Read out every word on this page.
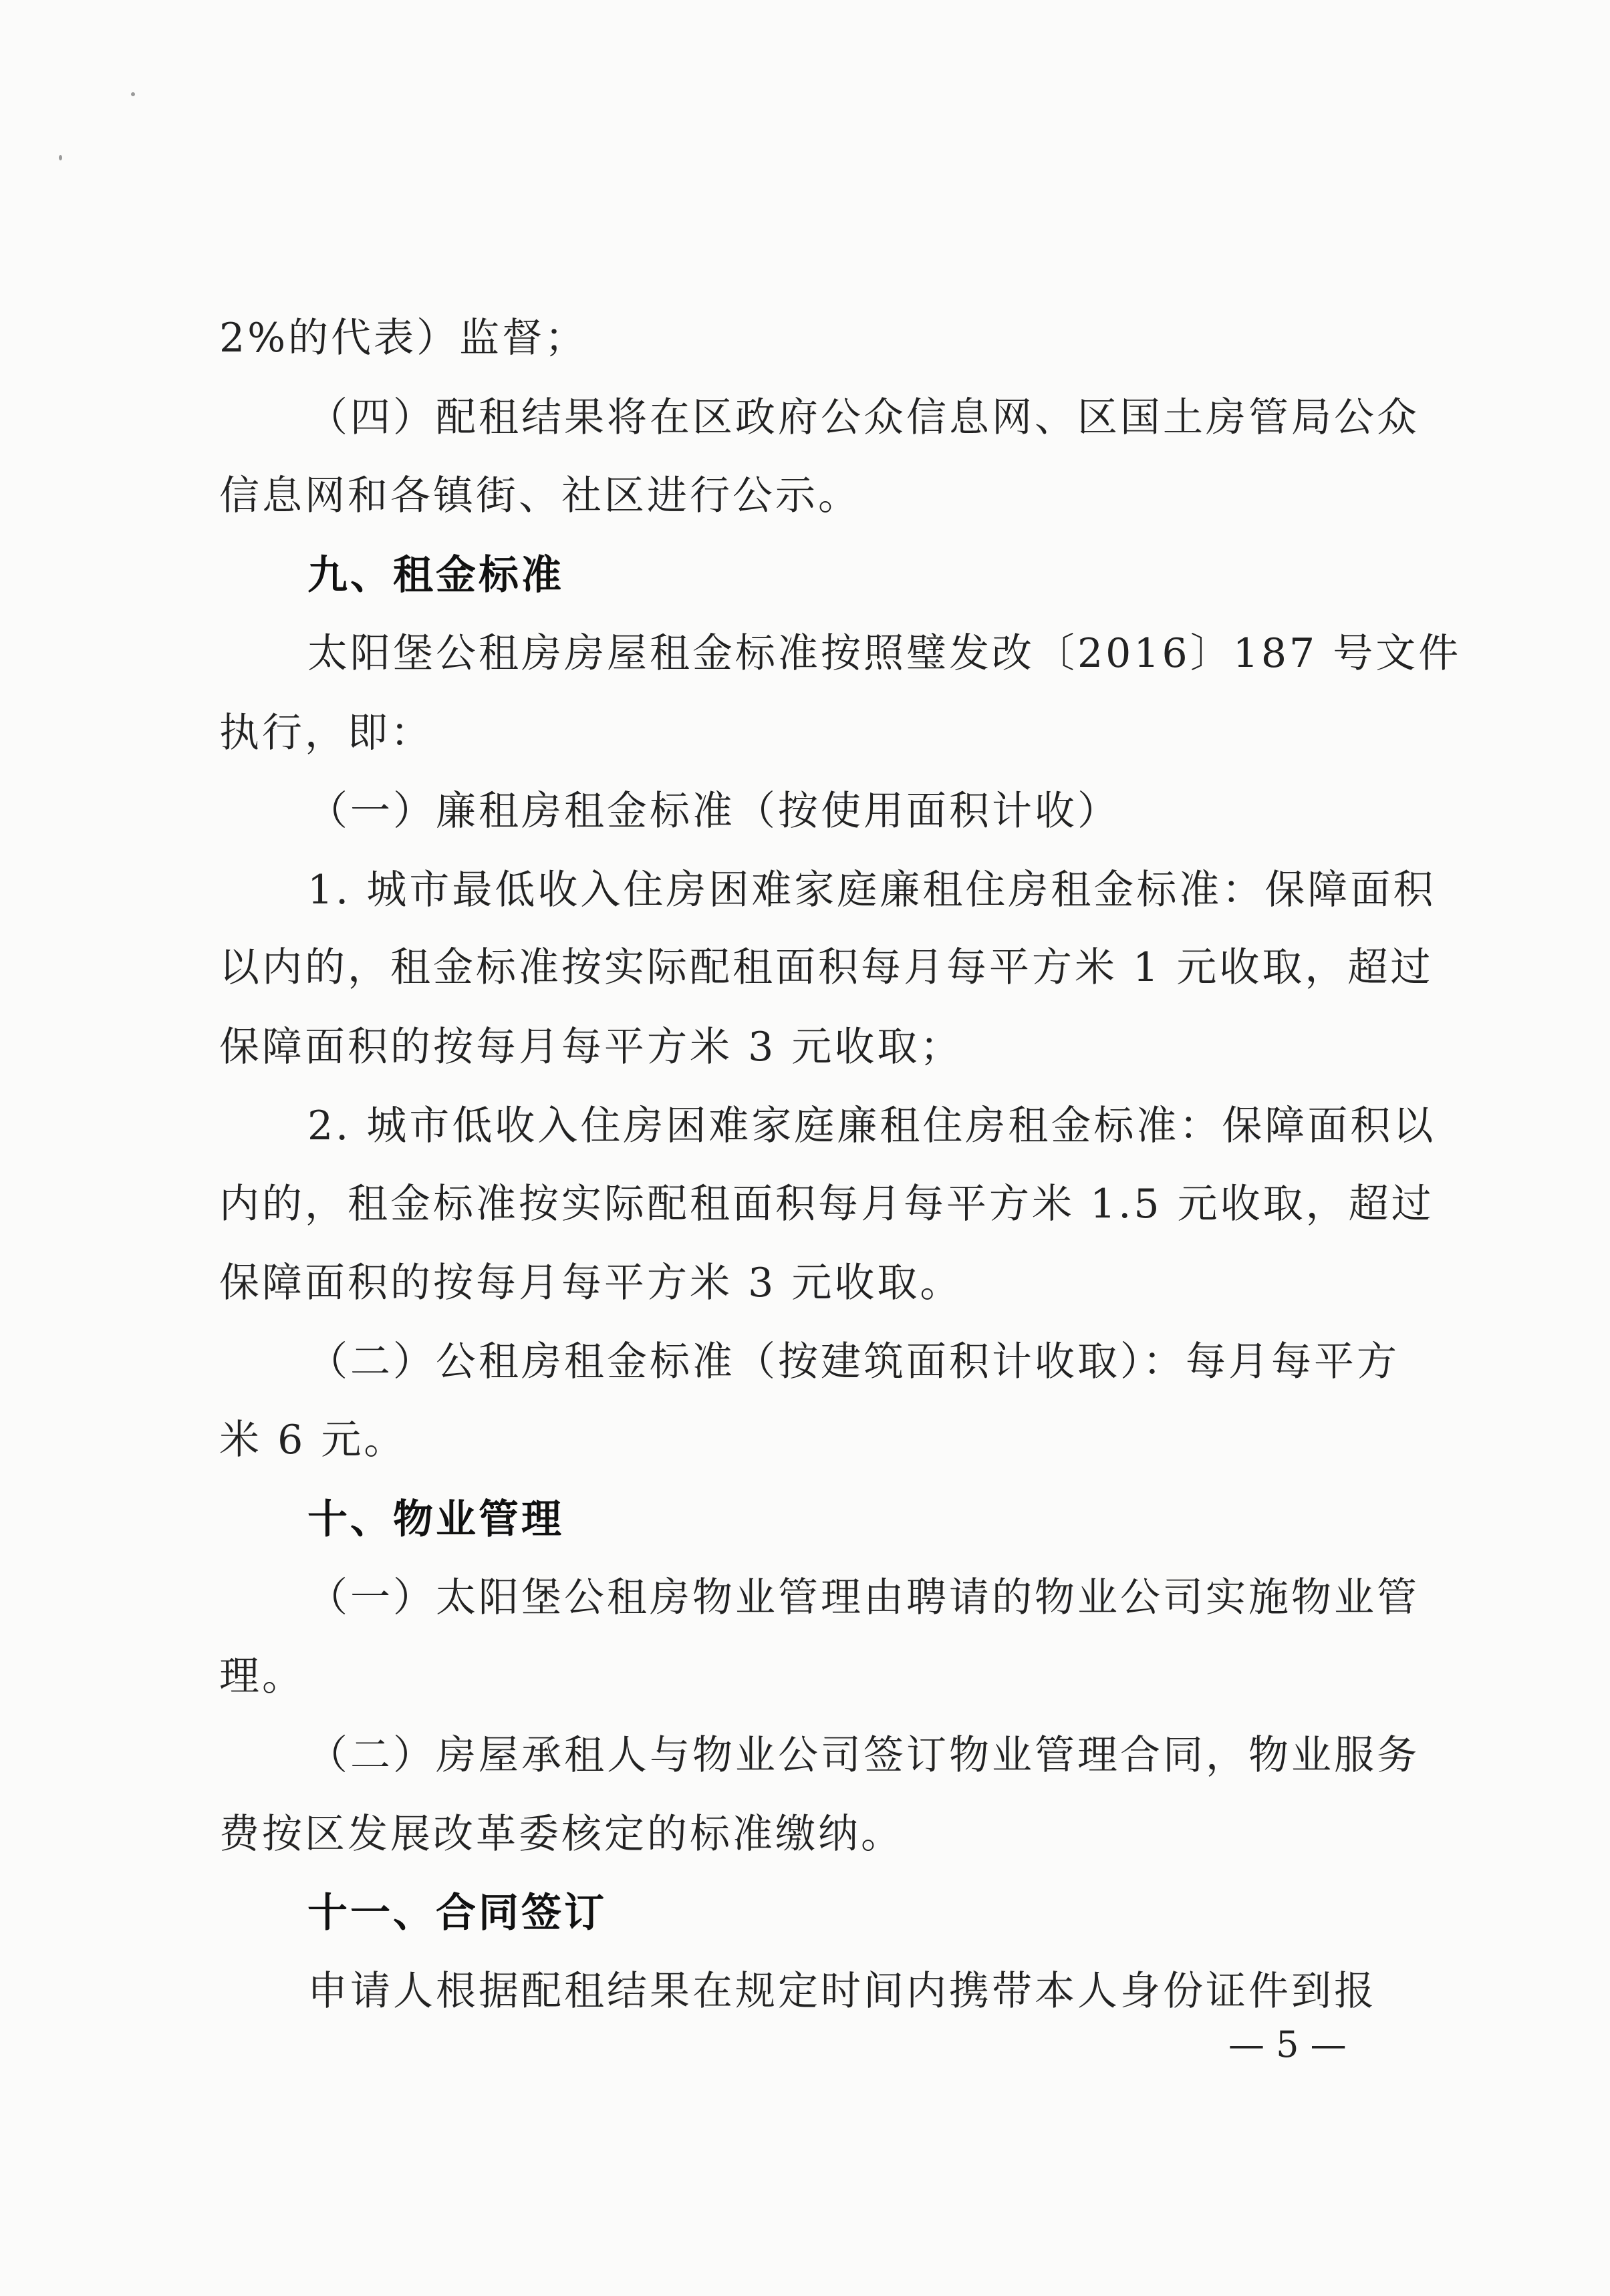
2%的代表）监督；
（四）配租结果将在区政府公众信息网、区国土房管局公众
信息网和各镇街、社区进行公示。
九、租金标准
太阳堡公租房房屋租金标准按照璧发改〔2016〕187 号文件
执行，即：
（一）廉租房租金标准（按使用面积计收）
1. 城市最低收入住房困难家庭廉租住房租金标准：保障面积
以内的，租金标准按实际配租面积每月每平方米 1 元收取，超过
保障面积的按每月每平方米 3 元收取；
2. 城市低收入住房困难家庭廉租住房租金标准：保障面积以
内的，租金标准按实际配租面积每月每平方米 1.5 元收取，超过
保障面积的按每月每平方米 3 元收取。
（二）公租房租金标准（按建筑面积计收取）：每月每平方
米 6 元。
十、物业管理
（一）太阳堡公租房物业管理由聘请的物业公司实施物业管
理。
（二）房屋承租人与物业公司签订物业管理合同，物业服务
费按区发展改革委核定的标准缴纳。
十一、合同签订
申请人根据配租结果在规定时间内携带本人身份证件到报
— 5 —
